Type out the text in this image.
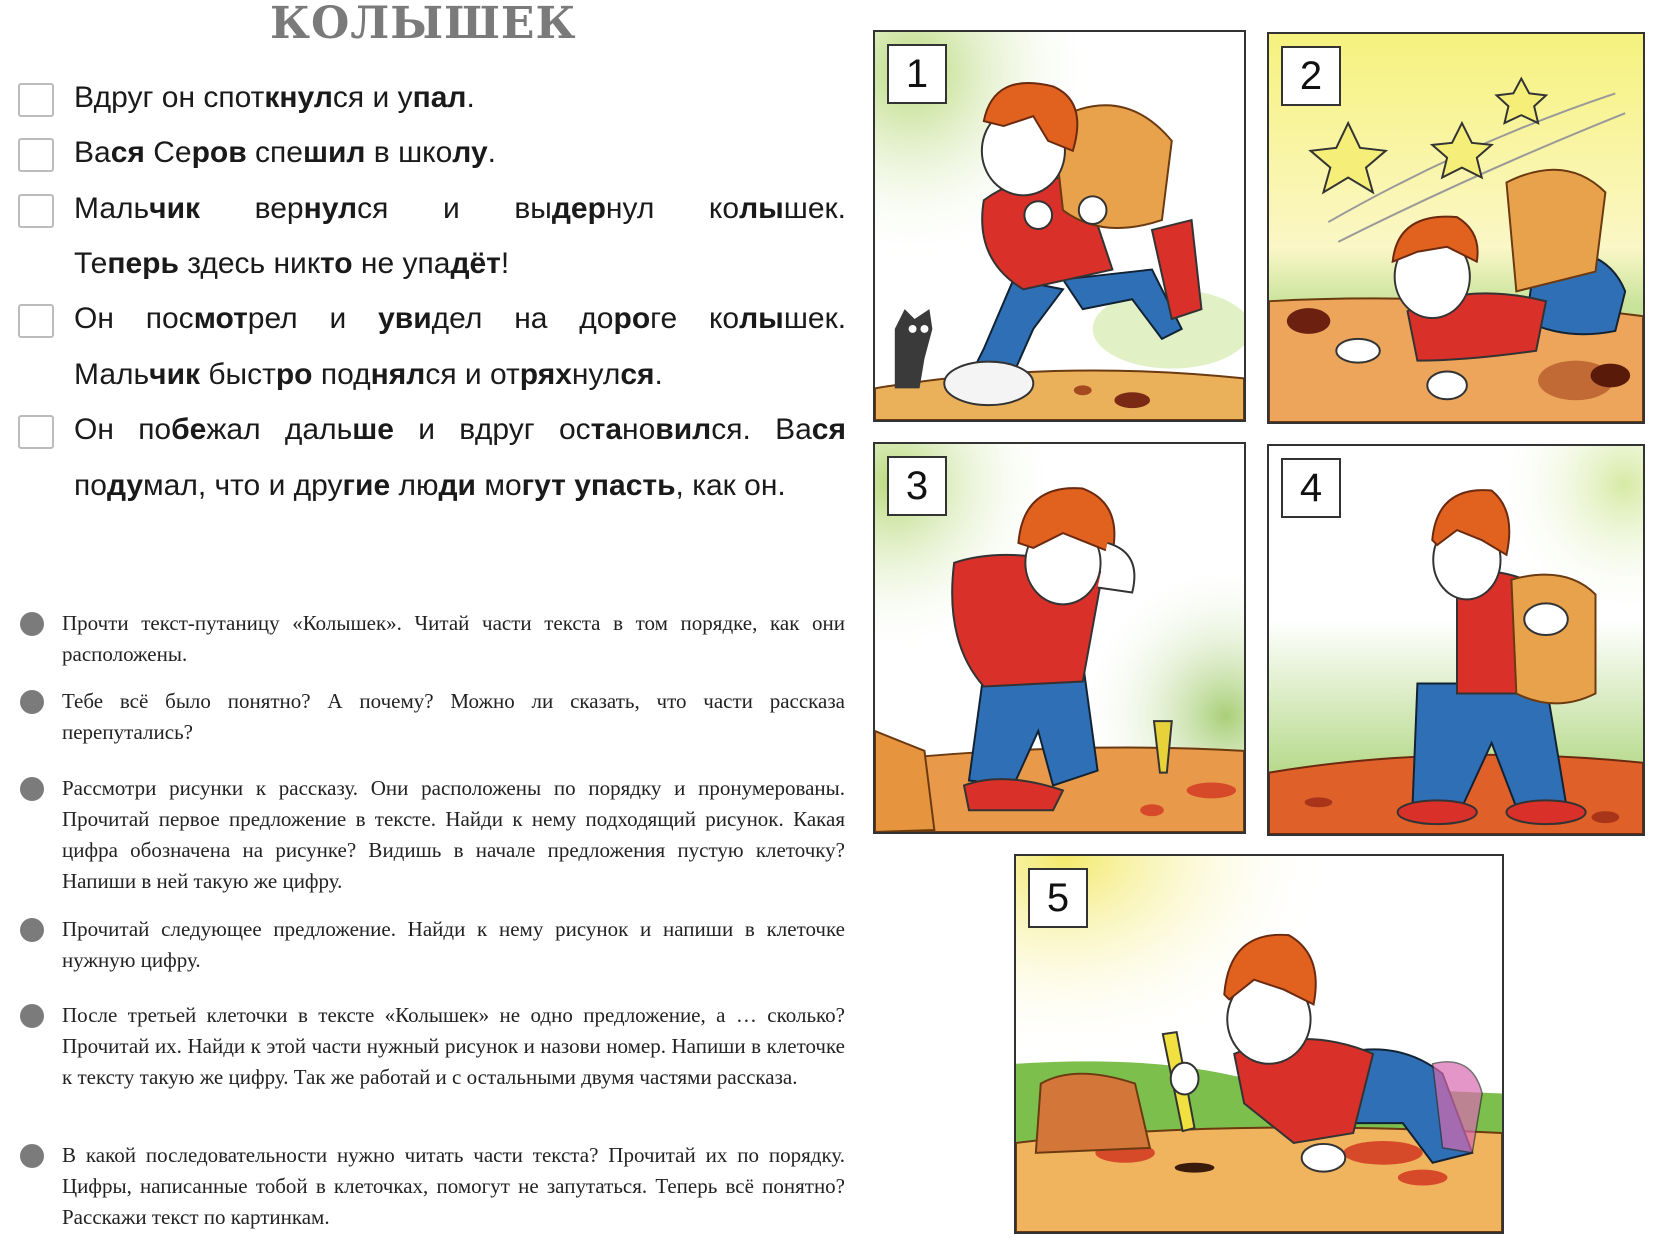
КОЛЫШЕК
Вдруг он споткнулся и упал.
Вася Серов спешил в школу.
Мальчик вернулся и выдернул колышек.
Теперь здесь никто не упадёт!
Он посмотрел и увидел на дороге колышек.
Мальчик быстро поднялся и отряхнулся.
Он побежал дальше и вдруг остановился. Вася
подумал, что и другие люди могут упасть, как он.
Прочти текст-путаницу «Колышек». Читай части текста в том порядке, как они расположены.
Тебе всё было понятно? А почему? Можно ли сказать, что части рассказа перепутались?
Рассмотри рисунки к рассказу. Они расположены по порядку и пронумерованы. Прочитай первое предложение в тексте. Найди к нему подходящий рисунок. Какая цифра обозначена на рисунке? Видишь в начале предложения пустую клеточку? Напиши в ней такую же цифру.
Прочитай следующее предложение. Найди к нему рисунок и напиши в клеточке нужную цифру.
После третьей клеточки в тексте «Колышек» не одно предложение, а … сколько? Прочитай их. Найди к этой части нужный рисунок и назови номер. Напиши в клеточке к тексту такую же цифру. Так же работай и с остальными двумя частями рассказа.
В какой последовательности нужно читать части текста? Прочитай их по порядку. Цифры, написанные тобой в клеточках, помогут не запутаться. Теперь всё понятно? Расскажи текст по картинкам.
1	2
3	4
5
